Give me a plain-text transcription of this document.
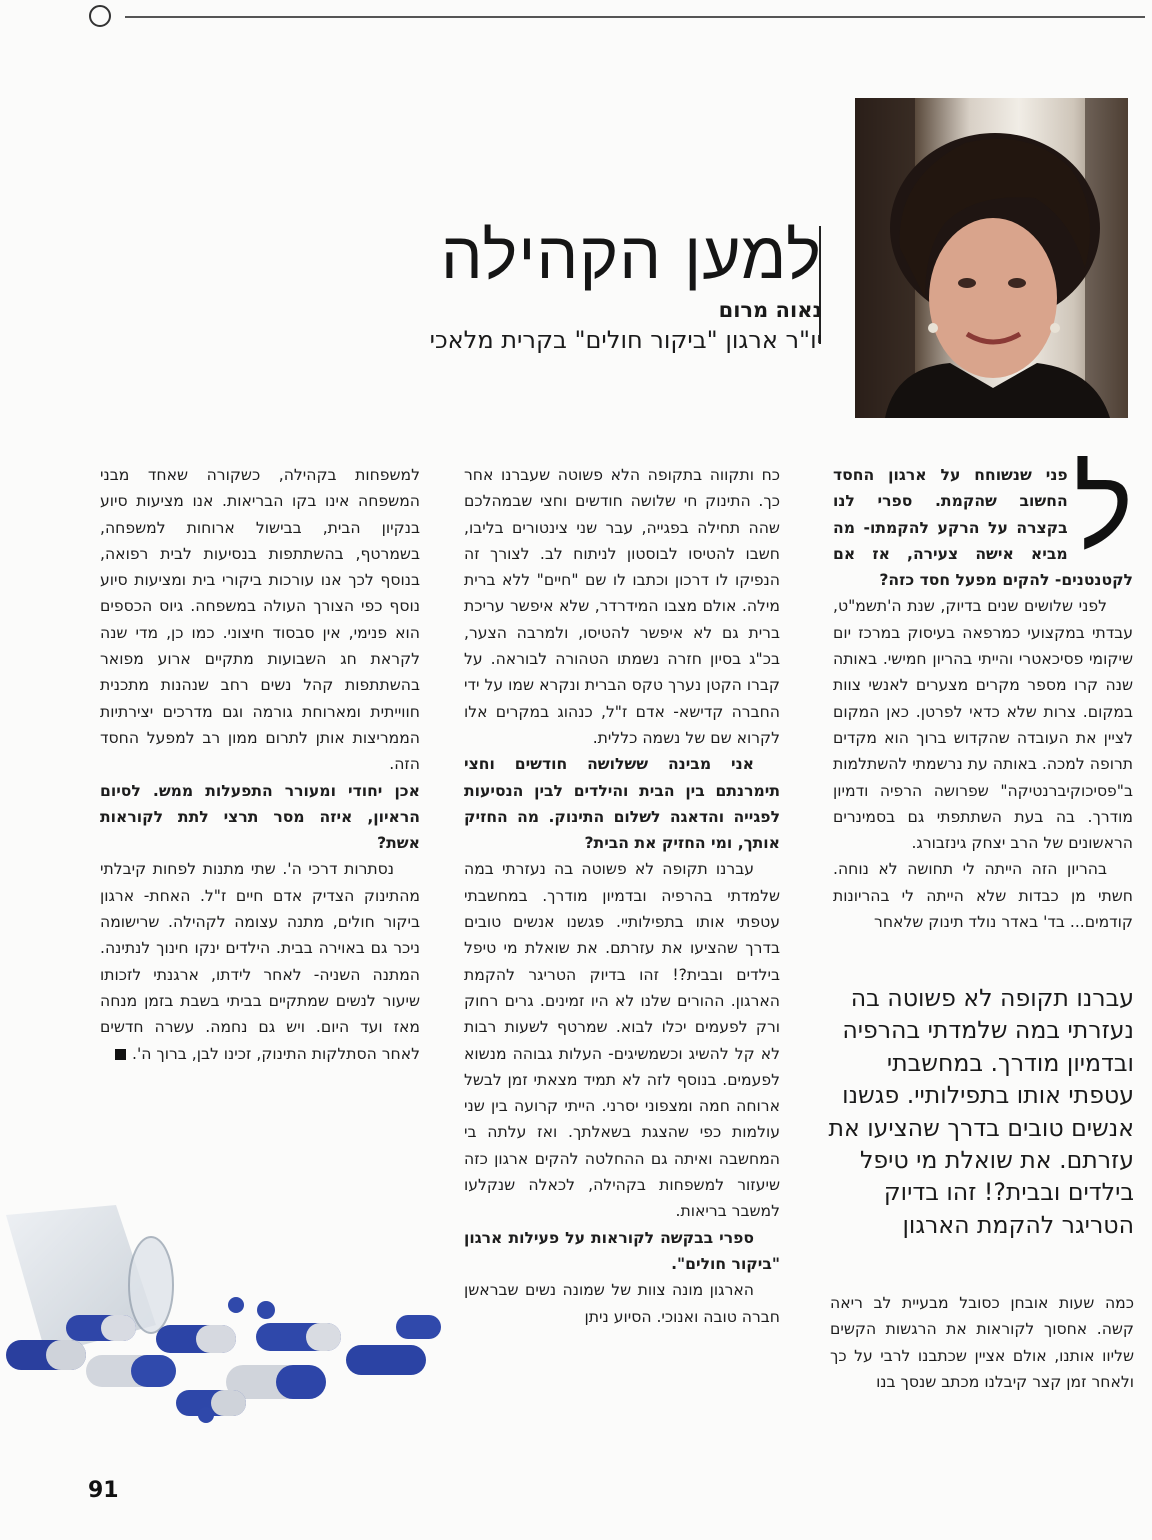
למען הקהילה
נאוה מרום
יו"ר ארגון "ביקור חולים" בקרית מלאכי
ל

פני שנשוחח על ארגון החסד החשוב שהקמת. ספרי לנו בקצרה על הרקע להקמתו- מה מביא אישה צעירה, אז אם לקטנטנים- להקים מפעל חסד כזה?

לפני שלושים שנים בדיוק, שנת ה'תשמ"ט, עבדתי במקצועי כמרפאה בעיסוק במרכז יום שיקומי פסיכאטרי והייתי בהריון חמישי. באותה שנה קרו מספר מקרים מצערים לאנשי צוות במקום. צרות שלא כדאי לפרטן. כאן המקום לציין את העובדה שהקדוש ברוך הוא מקדים תרופה למכה. באותה עת נרשמתי להשתלמות ב"פסיכוקיברנטיקה" שפרושה הרפיה ודמיון מודרך. בה בעת השתתפתי גם בסמינרים הראשונים של הרב יצחק גינזבורג.

בהריון הזה הייתה לי תחושה לא נוחה. חשתי מן כבדות שלא הייתה לי בהריונות קודמים... בד' באדר נולד תינוק שלאחר

עברנו תקופה לא פשוטה בה נעזרתי במה שלמדתי בהרפיה ובדמיון מודרך. במחשבתי עטפתי אותו בתפילותיי. פגשנו אנשים טובים בדרך שהציעו את עזרתם. את שואלת מי טיפל בילדים ובבית?! זהו בדיוק הטריגר להקמת הארגון

כמה שעות אובחן כסובל מבעיית לב ריאה קשה. אחסוך לקוראות את הרגשות הקשים שליוו אותנו, אולם אציין שכתבנו לרבי על כך ולאחר זמן קצר קיבלנו מכתב שנסך בנו

כח ותקווה בתקופה הלא פשוטה שעברנו אחר כך. התינוק חי שלושה חודשים וחצי שבמהלכם שהה תחילה בפגייה, עבר שני צינטורים בליבו, חשבו להטיסו לבוסטון לניתוח לב. לצורך זה הנפיקו לו דרכון וכתבו לו שם "חיים" ללא ברית מילה. אולם מצבו המידרדר, שלא איפשר עריכת ברית גם לא איפשר להטיסו, ולמרבה הצער, בכ"ג בסיון חזרה נשמתו הטהורה לבוראה. על קברו הקטן נערך טקס הברית ונקרא שמו על ידי החברה קדישא- אדם ז"ל, כנהוג במקרים אלו לקרוא שם של נשמה כללית.

אני מבינה ששלושה חודשים וחצי תימרנתם בין הבית והילדים לבין הנסיעות לפגייה והדאגה לשלום התינוק. מה החזיק אותך, ומי החזיק את הבית?

עברנו תקופה לא פשוטה בה נעזרתי במה שלמדתי בהרפיה ובדמיון מודרך. במחשבתי עטפתי אותו בתפילותיי. פגשנו אנשים טובים בדרך שהציעו את עזרתם. את שואלת מי טיפל בילדים ובבית?! זהו בדיוק הטריגר להקמת הארגון. ההורים שלנו לא היו זמינים. גרים רחוק ורק לפעמים יכלו לבוא. שמרטף לשעות רבות לא קל להשיג וכשמשיגים- העלות גבוהה מנשוא לפעמים. בנוסף לזה לא תמיד מצאתי זמן לבשל ארוחה חמה ומצפוני יסרני. הייתי קרועה בין שני עולמות כפי שהצגת בשאלתך. ואז עלתה בי המחשבה ואיתה גם ההחלטה להקים ארגון כזה שיעזור למשפחות בקהילה, לכאלה שנקלעו למשבר בריאות.

ספרי בבקשה לקוראות על פעילות ארגון "ביקור חולים".

הארגון מונה צוות של שמונה נשים שבראשן חברה טובה ואנוכי. הסיוע ניתן

למשפחות בקהילה, כשקורה שאחד מבני המשפחה אינו בקו הבריאות. אנו מציעות סיוע בנקיון הבית, בבישול ארוחות למשפחה, בשמרטף, בהשתתפות בנסיעות לבית רפואה, בנוסף לכך אנו עורכות ביקורי בית ומציעות סיוע נוסף כפי הצורך העולה במשפחה. גיוס הכספים הוא פנימי, אין סבסוד חיצוני. כמו כן, מדי שנה לקראת חג השבועות מתקיים ארוע מפואר בהשתתפות קהל נשים רחב שנהנות מתכנית חווייתית ומארוחת גורמה וגם מדרכים יצירתיות הממריצות אותן לתרום ממון רב למפעל החסד הזה.

אכן יחודי ומעורר התפעלות ממש. לסיום הראיון, איזה מסר תרצי לתת לקוראות אשת?

נסתרות דרכי ה'. שתי מתנות לפחות קיבלתי מהתינוק הצדיק אדם חיים ז"ל. האחת- ארגון ביקור חולים, מתנה עצומה לקהילה. שרישומה ניכר גם באוירה בבית. הילדים ינקו חינוך לנתינה. המתנה השניה- לאחר לידתו, ארגנתי לזכותו שיעור לנשים שמתקיים בביתי בשבת בזמן מנחה מאז ועד היום. ויש גם נחמה. עשרה חדשים לאחר הסתלקות התינוק, זכינו לבן, ברוך ה'.

91
